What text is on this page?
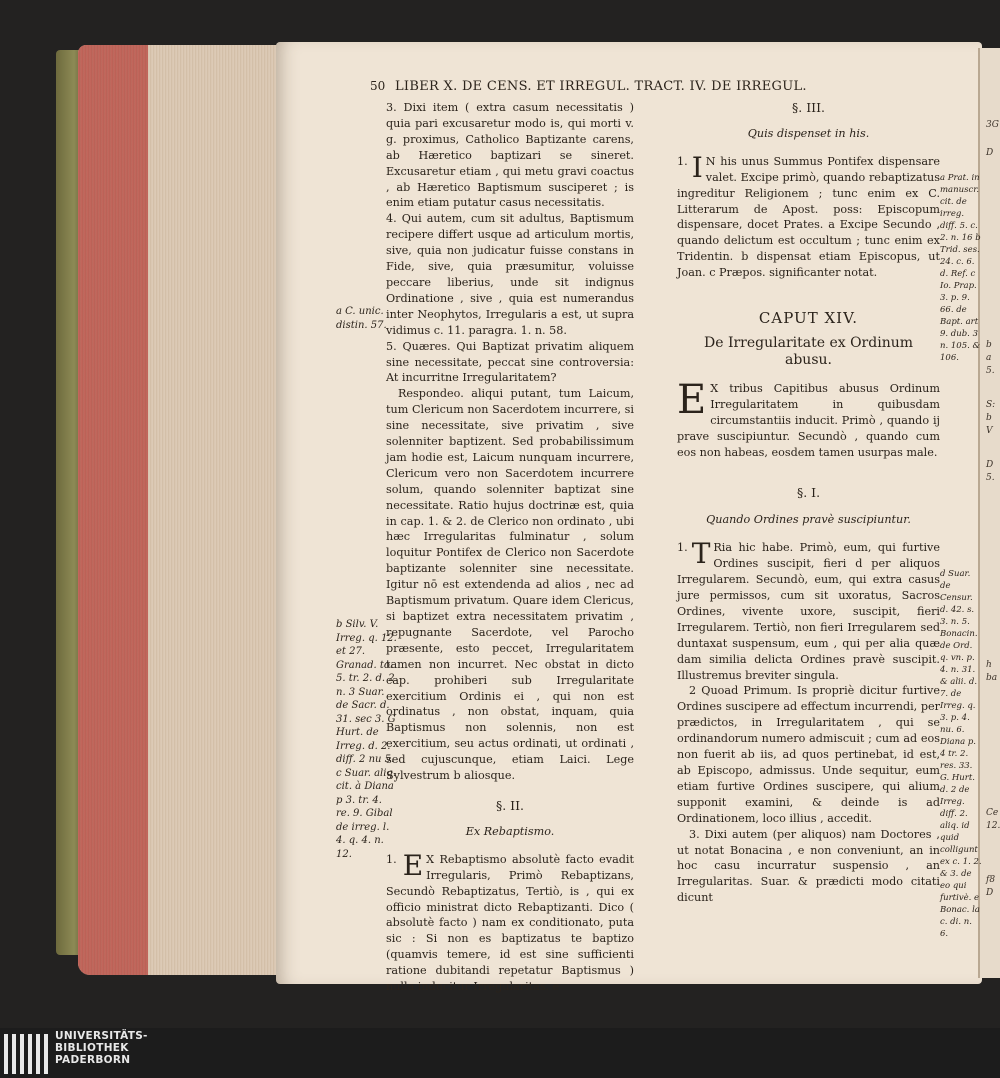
3G
D
b
a
5.
S:
b
V
D
5.
h
ba
Ce
12.
f8
D
50 LIBER X. DE CENS. ET IRREGUL. TRACT. IV. DE IRREGUL.
a C. unic. distin. 57.
b Silv. V. Irreg. q. 12. et 27. Granad. to. 5. tr. 2. d. 2. n. 3 Suar. de Sacr. d. 31. sec 3. G Hurt. de Irreg. d. 2. diff. 2 nu 5. c Suar. aliq. cit. à Diana p 3. tr. 4. re. 9. Gibal de irreg. l. 4. q. 4. n. 12.

3. Dixi item ( extra casum necessitatis ) quia pari excusaretur modo is, qui morti v. g. proximus, Catholico Baptizante carens, ab Hæretico baptizari se sineret. Excusaretur etiam , qui metu gravi coactus , ab Hæretico Baptismum susciperet ; is enim etiam putatur casus necessitatis.

4. Qui autem, cum sit adultus, Baptismum recipere differt usque ad articulum mortis, sive, quia non judicatur fuisse constans in Fide, sive, quia præsumitur, voluisse peccare liberius, unde sit indignus Ordinatione , sive , quia est numerandus inter Neophytos, Irregularis a est, ut supra vidimus c. 11. paragra. 1. n. 58.

5. Quæres. Qui Baptizat privatim aliquem sine necessitate, peccat sine controversia: At incurritne Irregularitatem?

Respondeo. aliqui putant, tum Laicum, tum Clericum non Sacerdotem incurrere, si sine necessitate, sive privatim , sive solenniter baptizent. Sed probabilissimum jam hodie est, Laicum nunquam incurrere, Clericum vero non Sacerdotem incurrere solum, quando solenniter baptizat sine necessitate. Ratio hujus doctrinæ est, quia in cap. 1. & 2. de Clerico non ordinato , ubi hæc Irregularitas fulminatur , solum loquitur Pontifex de Clerico non Sacerdote baptizante solenniter sine necessitate. Igitur nō est extendenda ad alios , nec ad Baptismum privatum. Quare idem Clericus, si baptizet extra necessitatem privatim , repugnante Sacerdote, vel Parocho præsente, esto peccet, Irregularitatem tamen non incurret. Nec obstat in dicto cap. prohiberi sub Irregularitate exercitium Ordinis ei , qui non est ordinatus , non obstat, inquam, quia Baptismus non solennis, non est exercitium, seu actus ordinati, ut ordinati , sed cujuscunque, etiam Laici. Lege Sylvestrum b aliosque.

§. II.

Ex Rebaptismo.

1. E X Rebaptismo absolutè facto evadit Irregularis, Primò Rebaptizans, Secundò Rebaptizatus, Tertiò, is , qui ex officio ministrat dicto Rebaptizanti. Dico ( absolutè facto ) nam ex conditionato, puta sic : Si non es baptizatus te baptizo (quamvis temere, id est sine sufficienti ratione dubitandi repetatur Baptismus ) nulla inducitur Irregularitas. e

a Prat. in manuscr. cit. de irreg. diff. 5. c. 2. n. 16 b Trid. ses. 24. c. 6. d. Ref. c Io. Prap. 3. p. 9. 66. de Bapt. art 9. dub. 3 n. 105. & 106.
d Suar. de Censur. d. 42. s. 3. n. 5. Bonacin. de Ord. q. vn. p. 4. n. 31. & alii. d. 7. de Irreg. q. 3. p. 4. nu. 6. Diana p. 4 tr. 2. res. 33. G. Hurt. d. 2 de Irreg. diff. 2. aliq. id quid colligunt ex c. 1. 2. & 3. de eo qui furtivè. e Bonac. la c. di. n. 6.

§. III.

Quis dispenset in his.

1. I N his unus Summus Pontifex dispensare valet. Excipe primò, quando rebaptizatus ingreditur Religionem ; tunc enim ex C. Litterarum de Apost. poss: Episcopum dispensare, docet Prates. a Excipe Secundo , quando delictum est occultum ; tunc enim ex Tridentin. b dispensat etiam Episcopus, ut Joan. c Præpos. significanter notat.

CAPUT XIV.

De Irregularitate ex Ordinum

abusu.

E X tribus Capitibus abusus Ordinum Irregularitatem in quibusdam circumstantiis inducit. Primò , quando ij prave suscipiuntur. Secundò , quando cum eos non habeas, eosdem tamen usurpas male.

§. I.

Quando Ordines pravè suscipiuntur.

1. T Ria hic habe. Primò, eum, qui furtive Ordines suscipit, fieri d per aliquos Irregularem. Secundò, eum, qui extra casus jure permissos, cum sit uxoratus, Sacros Ordines, vivente uxore, suscipit, fieri Irregularem. Tertiò, non fieri Irregularem sed duntaxat suspensum, eum , qui per alia quæ dam similia delicta Ordines pravè suscipit. Illustremus breviter singula.

2 Quoad Primum. Is propriè dicitur furtive Ordines suscipere ad effectum incurrendi, per prædictos, in Irregularitatem , qui se ordinandorum numero admiscuit ; cum ad eos non fuerit ab iis, ad quos pertinebat, id est, ab Episcopo, admissus. Unde sequitur, eum etiam furtive Ordines suscipere, qui alium supponit examini, & deinde is ad Ordinationem, loco illius , accedit.

3. Dixi autem (per aliquos) nam Doctores , ut notat Bonacina , e non conveniunt, an in hoc casu incurratur suspensio , an Irregularitas. Suar. & prædicti modo citati dicunt

UNIVERSITÄTS-
BIBLIOTHEK
PADERBORN
